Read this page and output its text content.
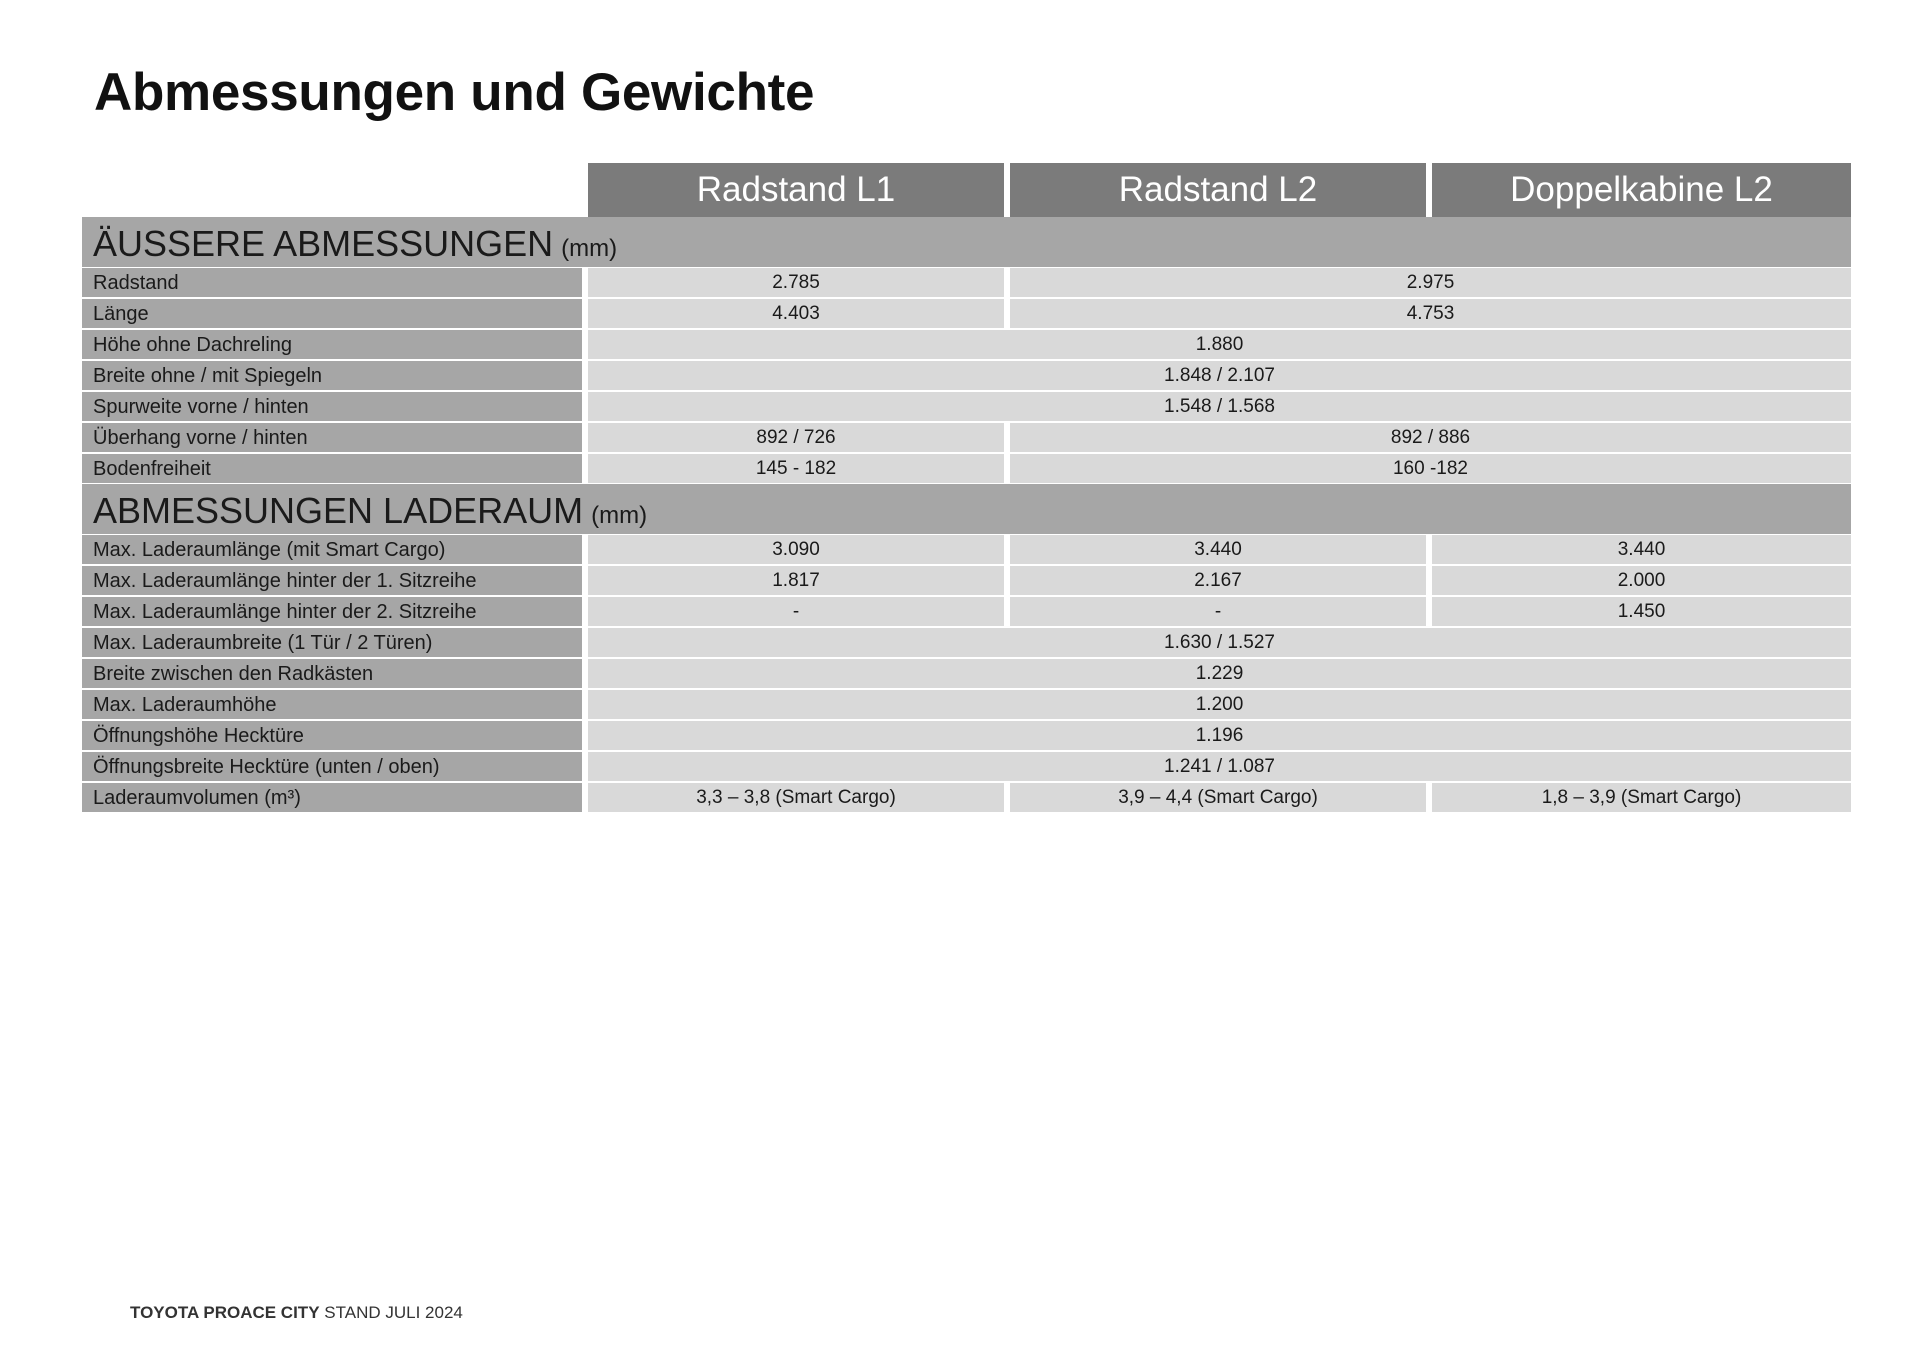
Abmessungen und Gewichte
Radstand L1	Radstand L2	Doppelkabine L2
ÄUSSERE ABMESSUNGEN (mm)
Radstand	2.785	2.975
Länge	4.403	4.753
Höhe ohne Dachreling	1.880
Breite ohne / mit Spiegeln	1.848 / 2.107
Spurweite vorne / hinten	1.548 / 1.568
Überhang vorne / hinten	892 / 726	892 / 886
Bodenfreiheit	145 - 182	160 -182
ABMESSUNGEN LADERAUM (mm)
Max. Laderaumlänge (mit Smart Cargo)	3.090	3.440	3.440
Max. Laderaumlänge hinter der 1. Sitzreihe	1.817	2.167	2.000
Max. Laderaumlänge hinter der 2. Sitzreihe	-	-	1.450
Max. Laderaumbreite (1 Tür / 2 Türen)	1.630 / 1.527
Breite zwischen den Radkästen	1.229
Max. Laderaumhöhe	1.200
Öffnungshöhe Hecktüre	1.196
Öffnungsbreite Hecktüre (unten / oben)	1.241 / 1.087
Laderaumvolumen (m³)	3,3 – 3,8 (Smart Cargo)	3,9 – 4,4 (Smart Cargo)	1,8 – 3,9 (Smart Cargo)
TOYOTA PROACE CITY STAND JULI 2024
